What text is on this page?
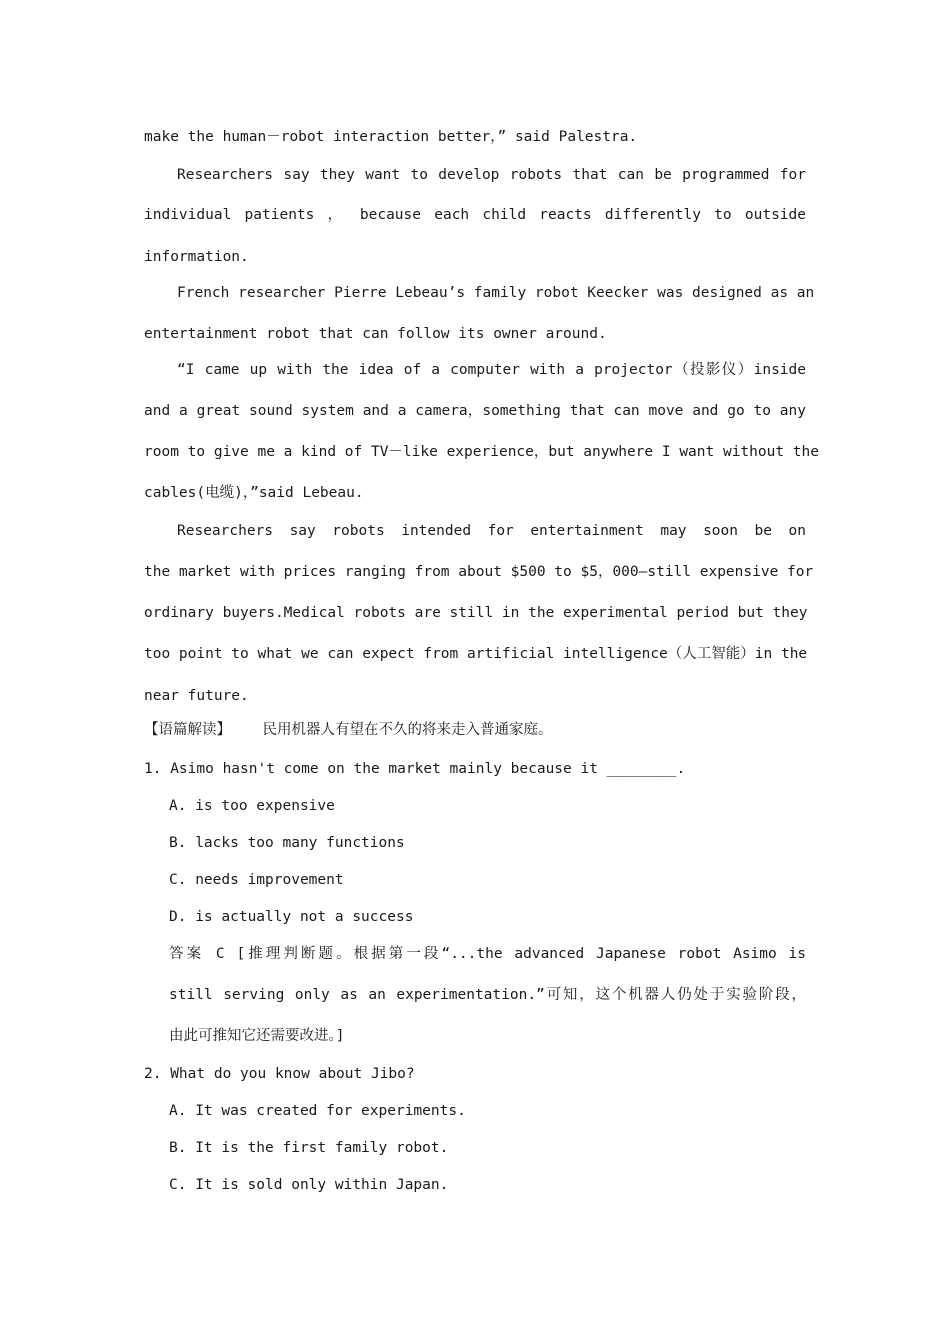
make the human－robot interaction better，” said Palestra.
Researchers say they want to develop robots that can be programmed for
individual patients ， because each child reacts differently to outside
information.
French researcher Pierre Lebeau’s family robot Keecker was designed as an
entertainment robot that can follow its owner around.
“I came up with the idea of a computer with a projector（投影仪）inside
and a great sound system and a camera，something that can move and go to any
room to give me a kind of TV－like experience，but anywhere I want without the
cables(电缆)，”said Lebeau.
Researchers say robots intended for entertainment may soon be on
the market with prices ranging from about $500 to $5，000—still expensive for
ordinary buyers.Medical robots are still in the experimental period but they
too point to what we can expect from artificial intelligence（人工智能）in the
near future.
【语篇解读】 民用机器人有望在不久的将来走入普通家庭。
1. Asimo hasn't come on the market mainly because it ________.
A. is too expensive
B. lacks too many functions
C. needs improvement
D. is actually not a success
答案 C [推理判断题。根据第一段“...the advanced Japanese robot Asimo is
still serving only as an experimentation.”可知，这个机器人仍处于实验阶段，
由此可推知它还需要改进。]
2. What do you know about Jibo?
A. It was created for experiments.
B. It is the first family robot.
C. It is sold only within Japan.
